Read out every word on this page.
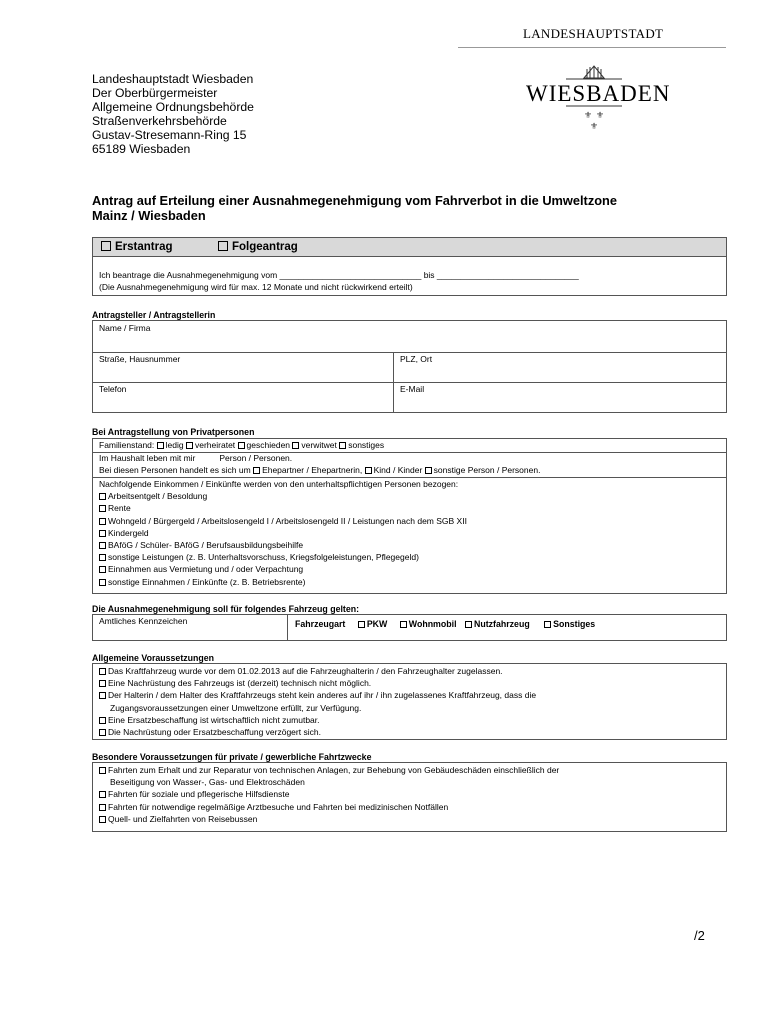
LANDESHAUPTSTADT
Landeshauptstadt Wiesbaden
Der Oberbürgermeister
Allgemeine Ordnungsbehörde
Straßenverkehrsbehörde
Gustav-Stresemann-Ring 15
65189 Wiesbaden
WIESBADEN
⚜ ⚜
⚜
Antrag auf Erteilung einer Ausnahmegenehmigung vom Fahrverbot in die Umweltzone
Mainz / Wiesbaden
Erstantrag	Folgeantrag
Ich beantrage die Ausnahmegenehmigung vom ______________________________ bis ______________________________
(Die Ausnahmegenehmigung wird für max. 12 Monate und nicht rückwirkend erteilt)
Antragsteller / Antragstellerin
Name / Firma
Straße, Hausnummer	PLZ, Ort
Telefon	E-Mail
Bei Antragstellung von Privatpersonen
Familienstand: ledig verheiratet geschieden verwitwet sonstiges
Im Haushalt leben mit mir	Person / Personen.
Bei diesen Personen handelt es sich um Ehepartner / Ehepartnerin, Kind / Kinder sonstige Person / Personen.
Nachfolgende Einkommen / Einkünfte werden von den unterhaltspflichtigen Personen bezogen:
Arbeitsentgelt / Besoldung
Rente
Wohngeld / Bürgergeld / Arbeitslosengeld I / Arbeitslosengeld II / Leistungen nach dem SGB XII
Kindergeld
BAföG / Schüler- BAföG / Berufsausbildungsbeihilfe
sonstige Leistungen (z. B. Unterhaltsvorschuss, Kriegsfolgeleistungen, Pflegegeld)
Einnahmen aus Vermietung und / oder Verpachtung
sonstige Einnahmen / Einkünfte (z. B. Betriebsrente)
Die Ausnahmegenehmigung soll für folgendes Fahrzeug gelten:
Amtliches Kennzeichen	Fahrzeugart PKW Wohnmobil Nutzfahrzeug	Sonstiges
Allgemeine Voraussetzungen
Das Kraftfahrzeug wurde vor dem 01.02.2013 auf die Fahrzeughalterin / den Fahrzeughalter zugelassen.
Eine Nachrüstung des Fahrzeugs ist (derzeit) technisch nicht möglich.
Der Halterin / dem Halter des Kraftfahrzeugs steht kein anderes auf ihr / ihn zugelassenes Kraftfahrzeug, dass die
Zugangsvoraussetzungen einer Umweltzone erfüllt, zur Verfügung.
Eine Ersatzbeschaffung ist wirtschaftlich nicht zumutbar.
Die Nachrüstung oder Ersatzbeschaffung verzögert sich.
Besondere Voraussetzungen für private / gewerbliche Fahrtzwecke
Fahrten zum Erhalt und zur Reparatur von technischen Anlagen, zur Behebung von Gebäudeschäden einschließlich der
Beseitigung von Wasser-, Gas- und Elektroschäden
Fahrten für soziale und pflegerische Hilfsdienste
Fahrten für notwendige regelmäßige Arztbesuche und Fahrten bei medizinischen Notfällen
Quell- und Zielfahrten von Reisebussen
/2
